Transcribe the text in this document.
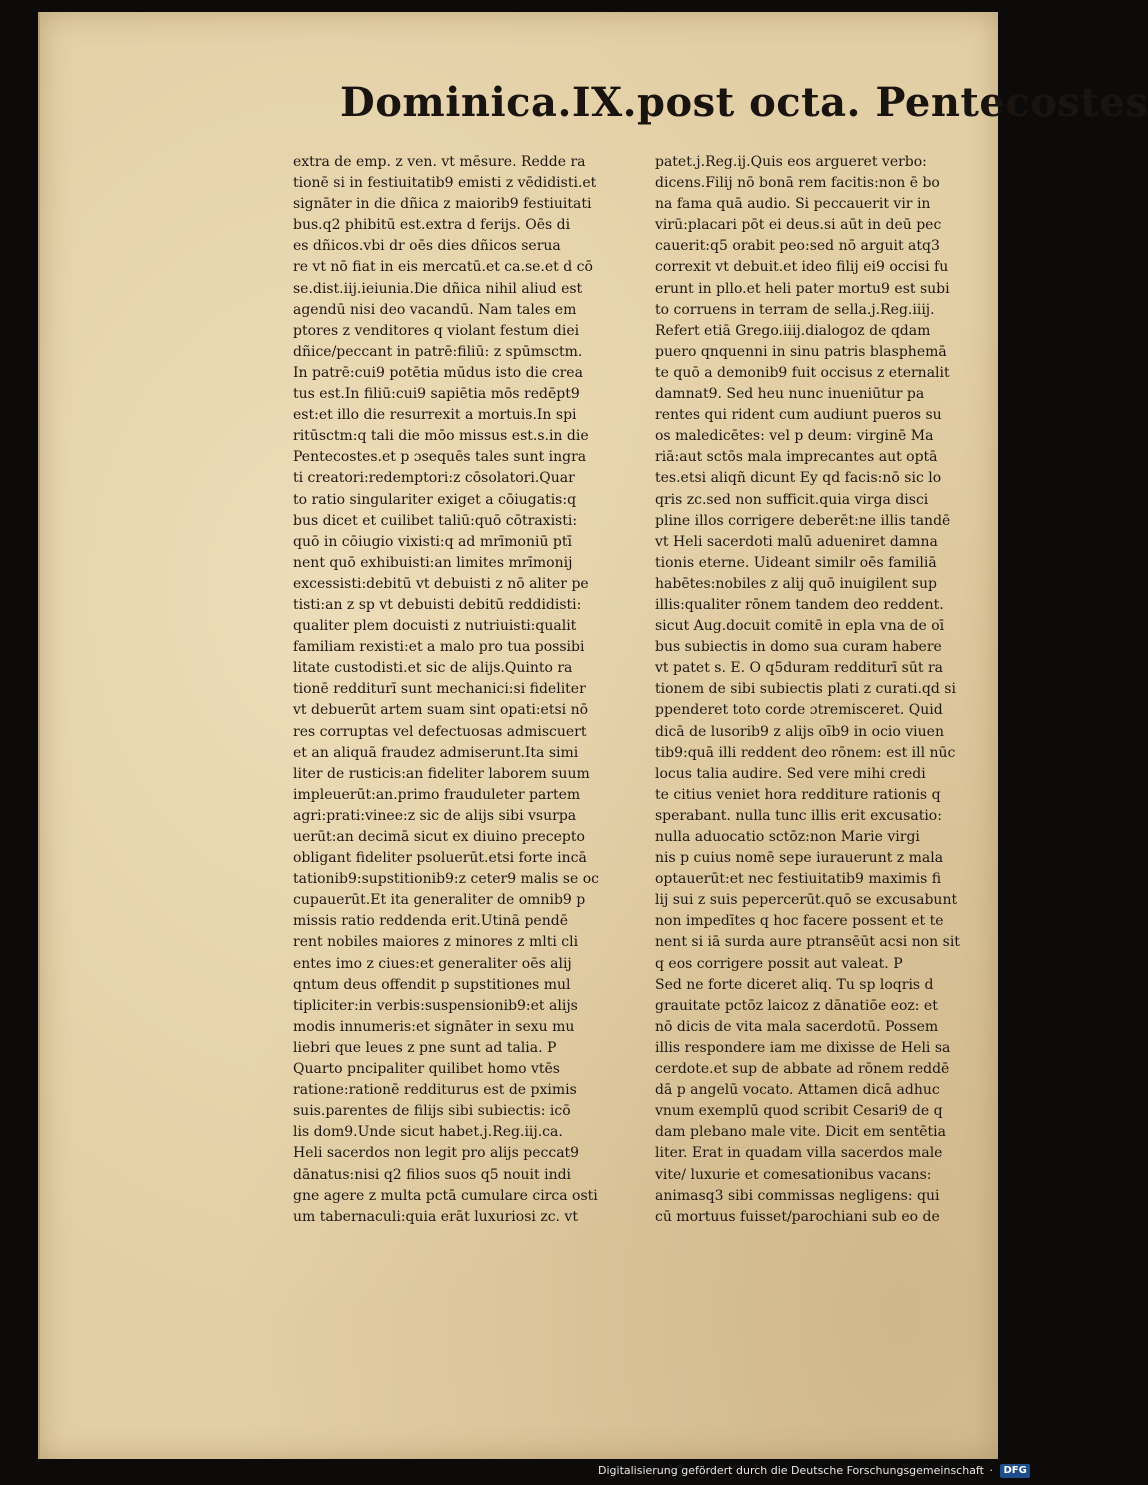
Dominica.IX.post octa. Pentecostes
extra de emp. z ven. vt mēsure. Redde ra
tionē si in festiuitatib9 emisti z vēdidisti.et
signāter in die dñica z maiorib9 festiuitati
bus.q2 phibitū est.extra d ferijs. Oēs di
es dñicos.vbi dr oēs dies dñicos serua
re vt nō fiat in eis mercatū.et ca.se.et d cō
se.dist.iij.ieiunia.Die dñica nihil aliud est
agendū nisi deo vacandū. Nam tales em
ptores z venditores q violant festum diei
dñice/peccant in patrē:filiū: z spūmsctm.
In patrē:cui9 potētia mūdus isto die crea
tus est.In filiū:cui9 sapiētia mōs redēpt9
est:et illo die resurrexit a mortuis.In spi
ritūsctm:q tali die mōo missus est.s.in die
Pentecostes.et p ɔsequēs tales sunt ingra
ti creatori:redemptori:z cōsolatori.Quar
to ratio singulariter exiget a cōiugatis:q
bus dicet et cuilibet taliū:quō cōtraxisti:
quō in cōiugio vixisti:q ad mrīmoniū ptī
nent quō exhibuisti:an limites mrīmonij
excessisti:debitū vt debuisti z nō aliter pe
tisti:an z sp vt debuisti debitū reddidisti:
qualiter plem docuisti z nutriuisti:qualit
familiam rexisti:et a malo pro tua possibi
litate custodisti.et sic de alijs.Quinto ra
tionē redditurī sunt mechanici:si fideliter
vt debuerūt artem suam sint opati:etsi nō
res corruptas vel defectuosas admiscuert
et an aliquā fraudez admiserunt.Ita simi
liter de rusticis:an fideliter laborem suum
impleuerūt:an.primo frauduleter partem
agri:prati:vinee:z sic de alijs sibi vsurpa
uerūt:an decimā sicut ex diuino precepto
obligant fideliter psoluerūt.etsi forte incā
tationib9:supstitionib9:z ceter9 malis se oc
cupauerūt.Et ita generaliter de omnib9 p
missis ratio reddenda erit.Utinā pendē
rent nobiles maiores z minores z mlti cli
entes imo z ciues:et generaliter oēs alij
qntum deus offendit p supstitiones mul
tipliciter:in verbis:suspensionib9:et alijs
modis innumeris:et signāter in sexu mu
liebri que leues z pne sunt ad talia. P
Quarto pncipaliter quilibet homo vtēs
ratione:rationē redditurus est de pximis
suis.parentes de filijs sibi subiectis: icō
lis dom9.Unde sicut habet.j.Reg.iij.ca.
Heli sacerdos non legit pro alijs peccat9
dānatus:nisi q2 filios suos q5 nouit indi
gne agere z multa pctā cumulare circa osti
um tabernaculi:quia erāt luxuriosi zc. vt
patet.j.Reg.ij.Quis eos argueret verbo:
dicens.Filij nō bonā rem facitis:non ē bo
na fama quā audio. Si peccauerit vir in
virū:placari pōt ei deus.si aūt in deū pec
cauerit:q5 orabit peo:sed nō arguit atq3
correxit vt debuit.et ideo filij ei9 occisi fu
erunt in pllo.et heli pater mortu9 est subi
to corruens in terram de sella.j.Reg.iiij.
Refert etiā Grego.iiij.dialogoz de qdam
puero qnquenni in sinu patris blasphemā
te quō a demonib9 fuit occisus z eternalit
damnat9. Sed heu nunc inueniūtur pa
rentes qui rident cum audiunt pueros su
os maledicētes: vel p deum: virginē Ma
riā:aut sctōs mala imprecantes aut optā
tes.etsi aliqñ dicunt Ey qd facis:nō sic lo
qris zc.sed non sufficit.quia virga disci
pline illos corrigere deberēt:ne illis tandē
vt Heli sacerdoti malū adueniret damna
tionis eterne. Uideant similr oēs familiā
habētes:nobiles z alij quō inuigilent sup
illis:qualiter rōnem tandem deo reddent.
sicut Aug.docuit comitē in epla vna de oī
bus subiectis in domo sua curam habere
vt patet s. E. O q5duram redditurī sūt ra
tionem de sibi subiectis plati z curati.qd si
ppenderet toto corde ɔtremisceret. Quid
dicā de lusorib9 z alijs oīb9 in ocio viuen
tib9:quā illi reddent deo rōnem: est ill nūc
locus talia audire. Sed vere mihi credi
te citius veniet hora redditure rationis q
sperabant. nulla tunc illis erit excusatio:
nulla aduocatio sctōz:non Marie virgi
nis p cuius nomē sepe iurauerunt z mala
optauerūt:et nec festiuitatib9 maximis fi
lij sui z suis pepercerūt.quō se excusabunt
non impedītes q hoc facere possent et te
nent si iā surda aure ptransēūt acsi non sit
q eos corrigere possit aut valeat. P
Sed ne forte diceret aliq. Tu sp loqris d
grauitate pctōz laicoz z dānatiōe eoz: et
nō dicis de vita mala sacerdotū. Possem
illis respondere iam me dixisse de Heli sa
cerdote.et sup de abbate ad rōnem reddē
dā p angelū vocato. Attamen dicā adhuc
vnum exemplū quod scribit Cesari9 de q
dam plebano male vite. Dicit em sentētia
liter. Erat in quadam villa sacerdos male
vite/ luxurie et comesationibus vacans:
animasq3 sibi commissas negligens: qui
cū mortuus fuisset/parochiani sub eo de
Digitalisierung gefördert durch die Deutsche Forschungsgemeinschaft · DFG
